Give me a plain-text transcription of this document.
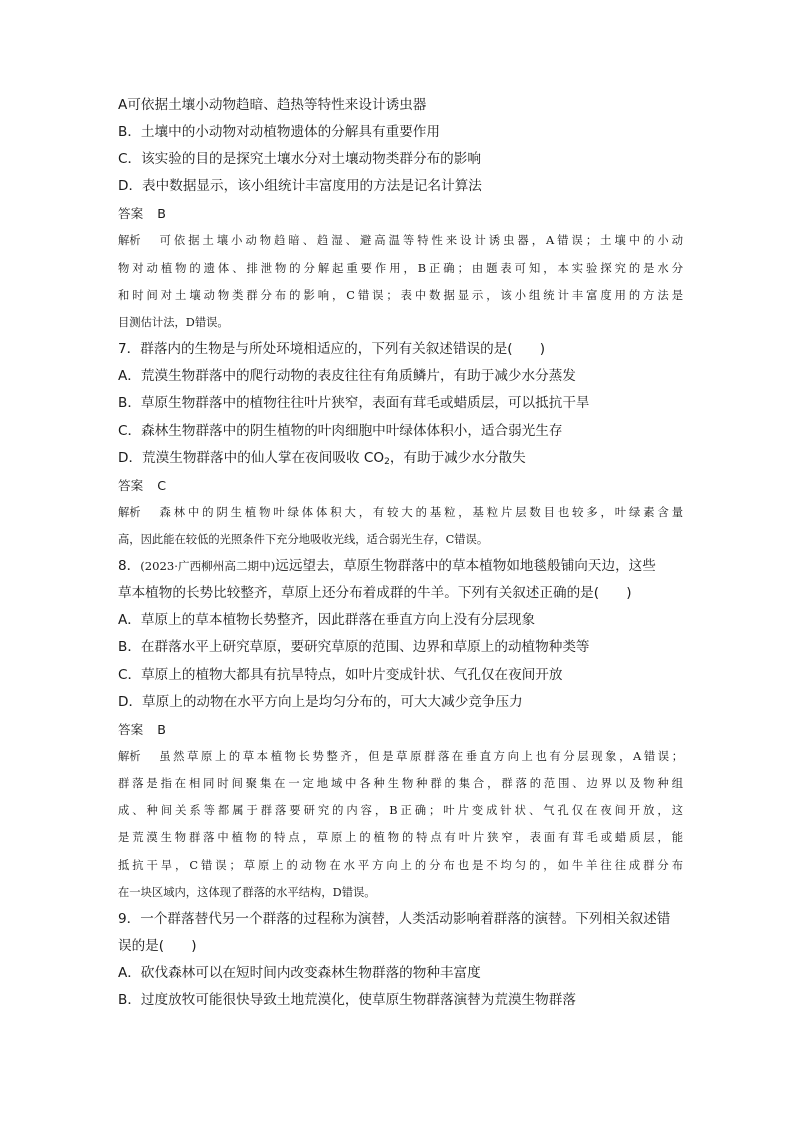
A可依据土壤小动物趋暗、趋热等特性来设计诱虫器
B．土壤中的小动物对动植物遗体的分解具有重要作用
C．该实验的目的是探究土壤水分对土壤动物类群分布的影响
D．表中数据显示，该小组统计丰富度用的方法是记名计算法
答案 B
解析 可依据土壤小动物趋暗、趋湿、避高温等特性来设计诱虫器，A错误；土壤中的小动
物对动植物的遗体、排泄物的分解起重要作用，B正确；由题表可知，本实验探究的是水分
和时间对土壤动物类群分布的影响，C错误；表中数据显示，该小组统计丰富度用的方法是
目测估计法，D错误。
7．群落内的生物是与所处环境相适应的，下列有关叙述错误的是(　　)
A．荒漠生物群落中的爬行动物的表皮往往有角质鳞片，有助于减少水分蒸发
B．草原生物群落中的植物往往叶片狭窄，表面有茸毛或蜡质层，可以抵抗干旱
C．森林生物群落中的阴生植物的叶肉细胞中叶绿体体积小，适合弱光生存
D．荒漠生物群落中的仙人掌在夜间吸收 $CO_2$，有助于减少水分散失
答案 C
解析 森林中的阴生植物叶绿体体积大，有较大的基粒，基粒片层数目也较多，叶绿素含量
高，因此能在较低的光照条件下充分地吸收光线，适合弱光生存，C错误。
8．(2023·广西柳州高二期中)远远望去，草原生物群落中的草本植物如地毯般铺向天边，这些
草本植物的长势比较整齐，草原上还分布着成群的牛羊。下列有关叙述正确的是(　　)
A．草原上的草本植物长势整齐，因此群落在垂直方向上没有分层现象
B．在群落水平上研究草原，要研究草原的范围、边界和草原上的动植物种类等
C．草原上的植物大都具有抗旱特点，如叶片变成针状、气孔仅在夜间开放
D．草原上的动物在水平方向上是均匀分布的，可大大减少竞争压力
答案 B
解析 虽然草原上的草本植物长势整齐，但是草原群落在垂直方向上也有分层现象，A错误；
群落是指在相同时间聚集在一定地域中各种生物种群的集合，群落的范围、边界以及物种组
成、种间关系等都属于群落要研究的内容，B正确；叶片变成针状、气孔仅在夜间开放，这
是荒漠生物群落中植物的特点，草原上的植物的特点有叶片狭窄，表面有茸毛或蜡质层，能
抵抗干旱，C错误；草原上的动物在水平方向上的分布也是不均匀的，如牛羊往往成群分布
在一块区域内，这体现了群落的水平结构，D错误。
9．一个群落替代另一个群落的过程称为演替，人类活动影响着群落的演替。下列相关叙述错
误的是(　　)
A．砍伐森林可以在短时间内改变森林生物群落的物种丰富度
B．过度放牧可能很快导致土地荒漠化，使草原生物群落演替为荒漠生物群落
